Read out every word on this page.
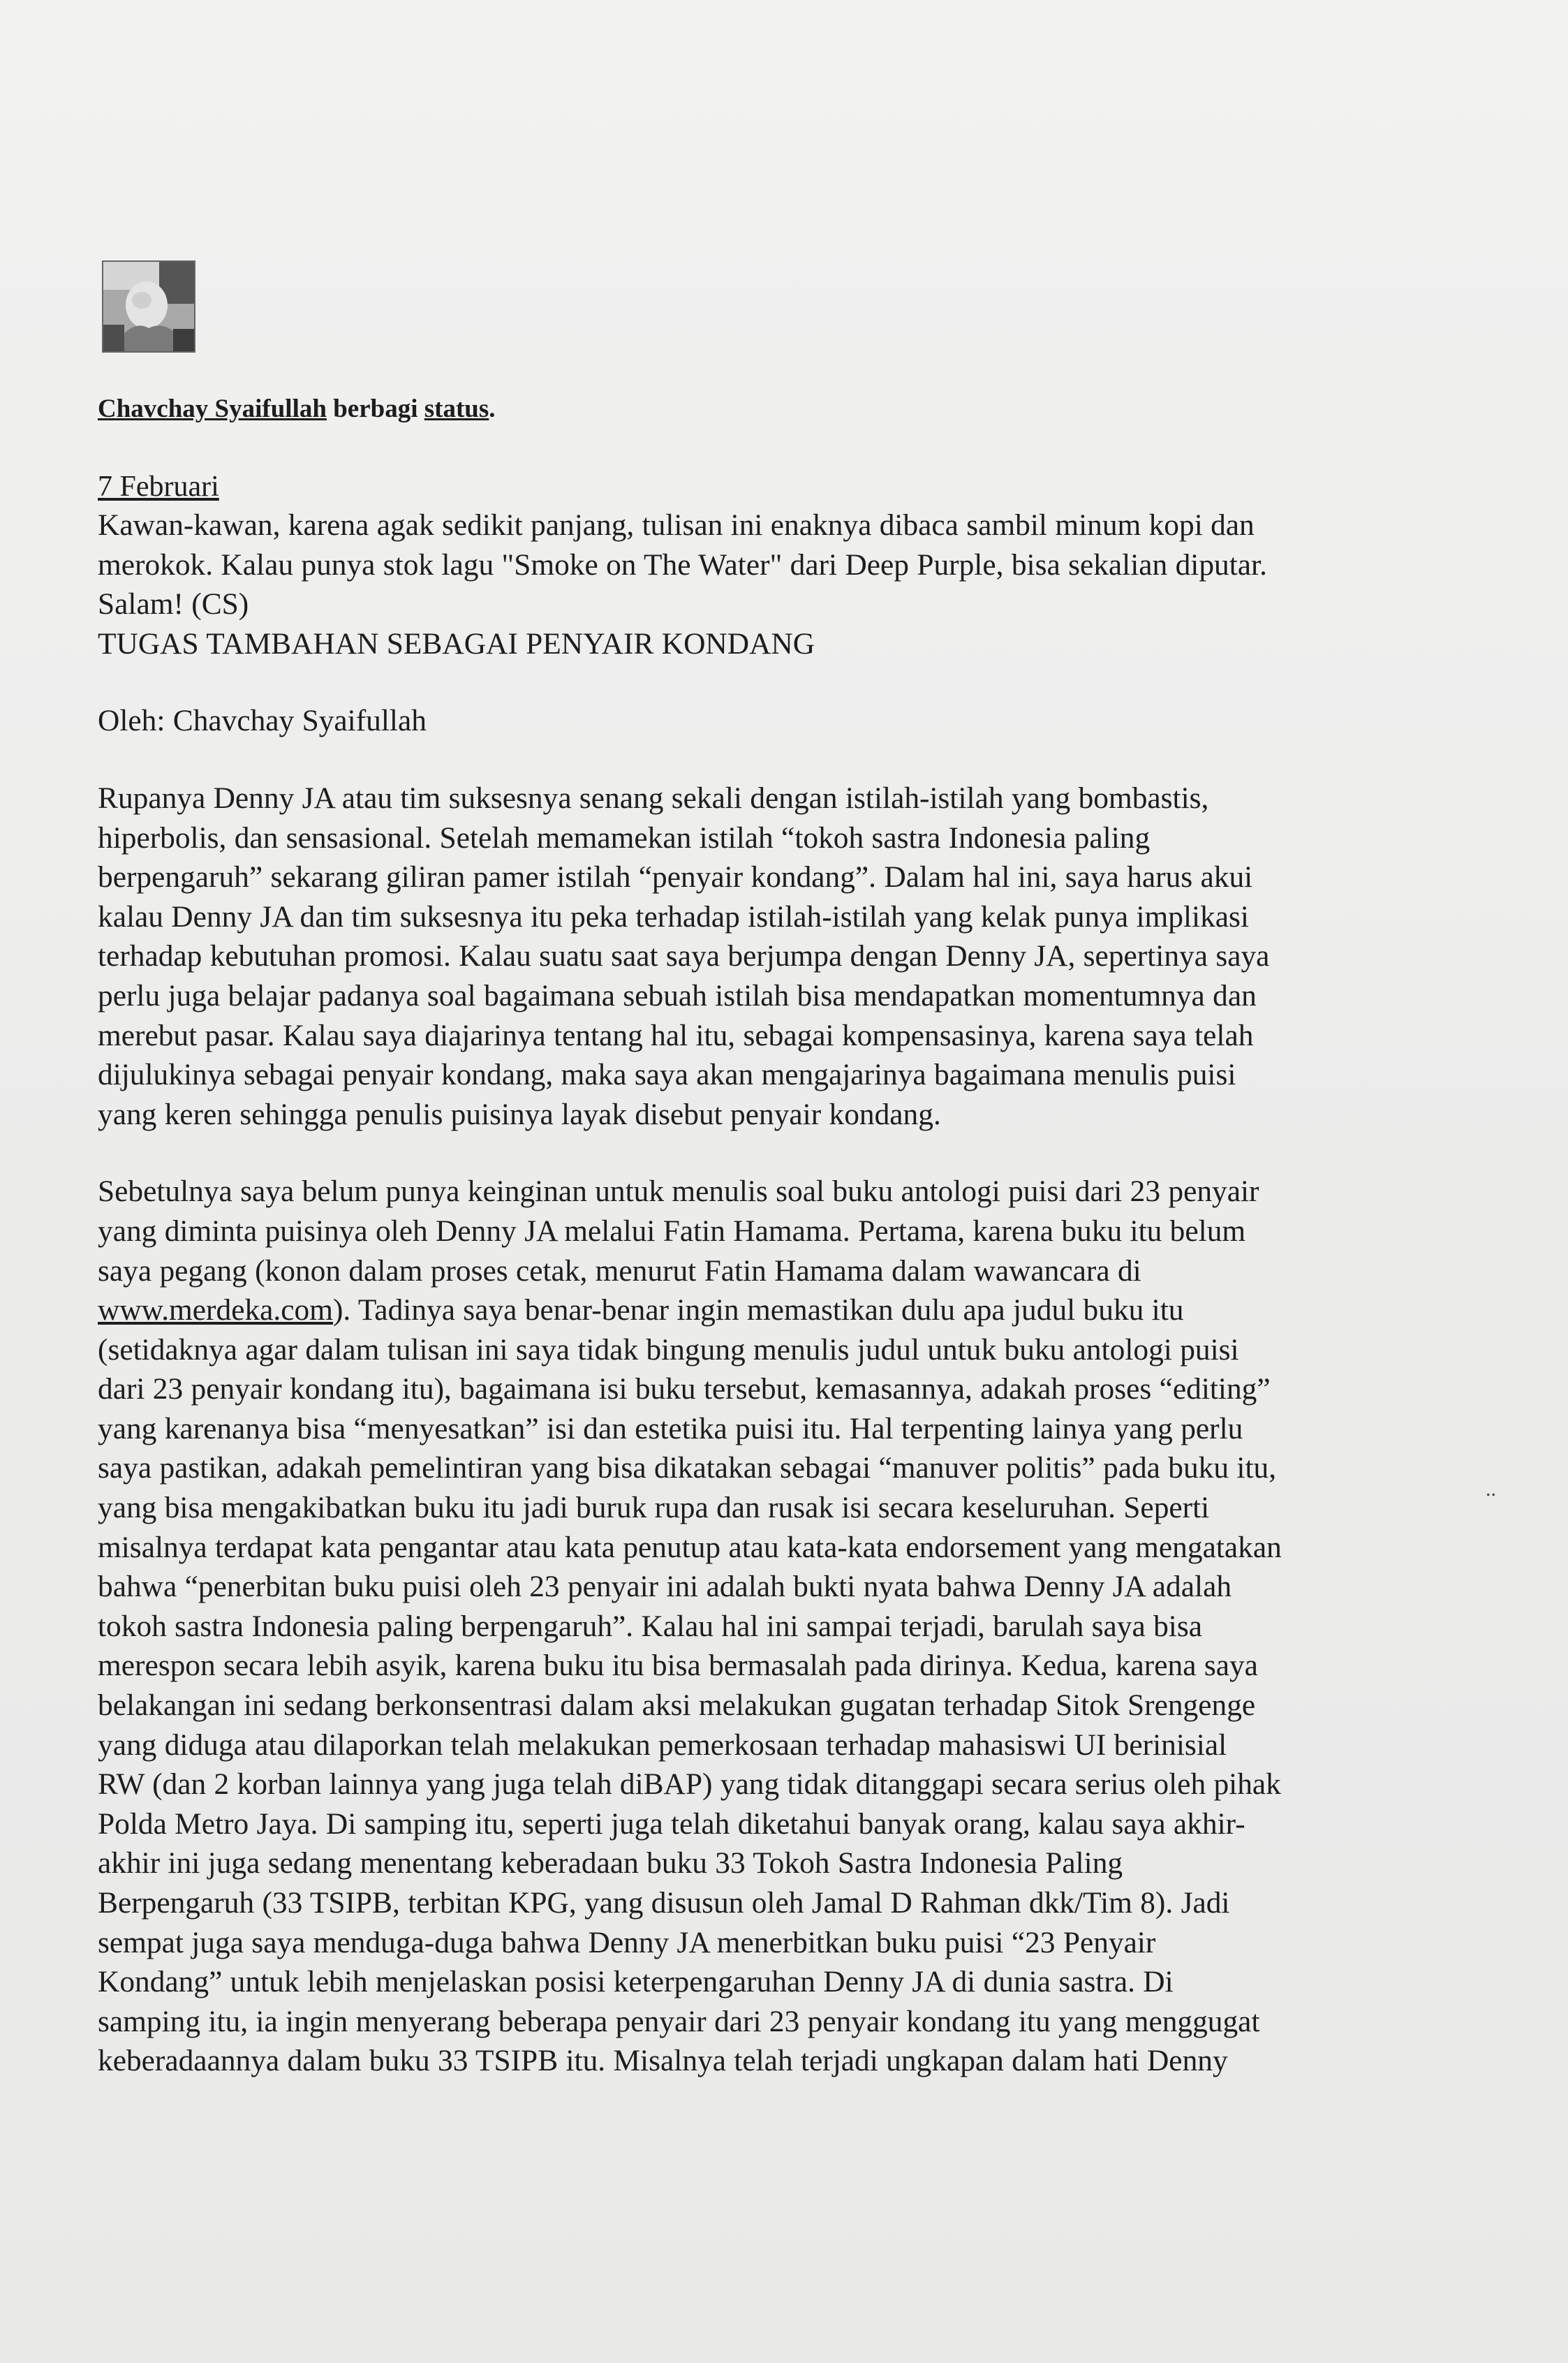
Chavchay Syaifullah berbagi status.

7 Februari

Kawan-kawan, karena agak sedikit panjang, tulisan ini enaknya dibaca sambil minum kopi dan

merokok. Kalau punya stok lagu "Smoke on The Water" dari Deep Purple, bisa sekalian diputar.

Salam! (CS)

TUGAS TAMBAHAN SEBAGAI PENYAIR KONDANG

Oleh: Chavchay Syaifullah

Rupanya Denny JA atau tim suksesnya senang sekali dengan istilah-istilah yang bombastis,

hiperbolis, dan sensasional. Setelah memamekan istilah “tokoh sastra Indonesia paling

berpengaruh” sekarang giliran pamer istilah “penyair kondang”. Dalam hal ini, saya harus akui

kalau Denny JA dan tim suksesnya itu peka terhadap istilah-istilah yang kelak punya implikasi

terhadap kebutuhan promosi. Kalau suatu saat saya berjumpa dengan Denny JA, sepertinya saya

perlu juga belajar padanya soal bagaimana sebuah istilah bisa mendapatkan momentumnya dan

merebut pasar. Kalau saya diajarinya tentang hal itu, sebagai kompensasinya, karena saya telah

dijulukinya sebagai penyair kondang, maka saya akan mengajarinya bagaimana menulis puisi

yang keren sehingga penulis puisinya layak disebut penyair kondang.

Sebetulnya saya belum punya keinginan untuk menulis soal buku antologi puisi dari 23 penyair

yang diminta puisinya oleh Denny JA melalui Fatin Hamama. Pertama, karena buku itu belum

saya pegang (konon dalam proses cetak, menurut Fatin Hamama dalam wawancara di

www.merdeka.com). Tadinya saya benar-benar ingin memastikan dulu apa judul buku itu

(setidaknya agar dalam tulisan ini saya tidak bingung menulis judul untuk buku antologi puisi

dari 23 penyair kondang itu), bagaimana isi buku tersebut, kemasannya, adakah proses “editing”

yang karenanya bisa “menyesatkan” isi dan estetika puisi itu. Hal terpenting lainya yang perlu

saya pastikan, adakah pemelintiran yang bisa dikatakan sebagai “manuver politis” pada buku itu,

yang bisa mengakibatkan buku itu jadi buruk rupa dan rusak isi secara keseluruhan. Seperti

misalnya terdapat kata pengantar atau kata penutup atau kata-kata endorsement yang mengatakan

bahwa “penerbitan buku puisi oleh 23 penyair ini adalah bukti nyata bahwa Denny JA adalah

tokoh sastra Indonesia paling berpengaruh”. Kalau hal ini sampai terjadi, barulah saya bisa

merespon secara lebih asyik, karena buku itu bisa bermasalah pada dirinya. Kedua, karena saya

belakangan ini sedang berkonsentrasi dalam aksi melakukan gugatan terhadap Sitok Srengenge

yang diduga atau dilaporkan telah melakukan pemerkosaan terhadap mahasiswi UI berinisial

RW (dan 2 korban lainnya yang juga telah diBAP) yang tidak ditanggapi secara serius oleh pihak

Polda Metro Jaya. Di samping itu, seperti juga telah diketahui banyak orang, kalau saya akhir-

akhir ini juga sedang menentang keberadaan buku 33 Tokoh Sastra Indonesia Paling

Berpengaruh (33 TSIPB, terbitan KPG, yang disusun oleh Jamal D Rahman dkk/Tim 8). Jadi

sempat juga saya menduga-duga bahwa Denny JA menerbitkan buku puisi “23 Penyair

Kondang” untuk lebih menjelaskan posisi keterpengaruhan Denny JA di dunia sastra. Di

samping itu, ia ingin menyerang beberapa penyair dari 23 penyair kondang itu yang menggugat

keberadaannya dalam buku 33 TSIPB itu. Misalnya telah terjadi ungkapan dalam hati Denny

..
